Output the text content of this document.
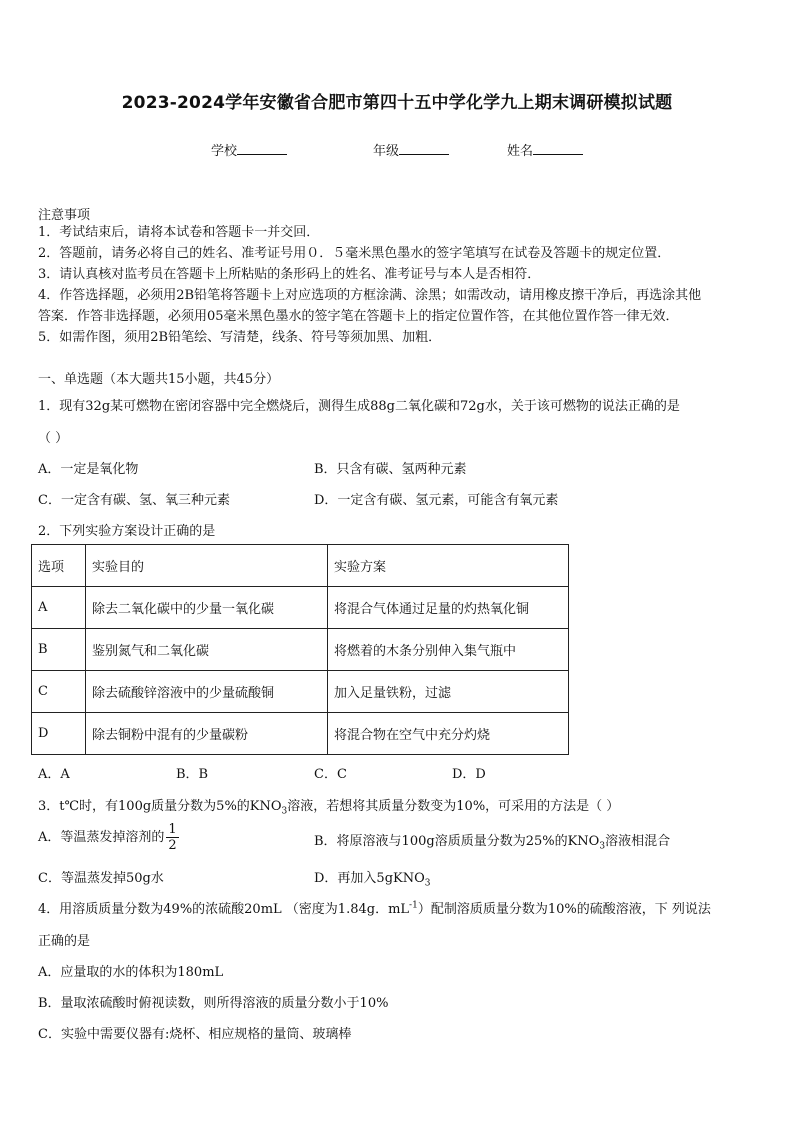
2023-2024学年安徽省合肥市第四十五中学化学九上期末调研模拟试题
学校	年级	姓名
注意事项
1．考试结束后，请将本试卷和答题卡一并交回．
2．答题前，请务必将自己的姓名、准考证号用０．５毫米黑色墨水的签字笔填写在试卷及答题卡的规定位置．
3．请认真核对监考员在答题卡上所粘贴的条形码上的姓名、准考证号与本人是否相符．
4．作答选择题，必须用2B铅笔将答题卡上对应选项的方框涂满、涂黑；如需改动，请用橡皮擦干净后，再选涂其他
答案．作答非选择题，必须用05毫米黑色墨水的签字笔在答题卡上的指定位置作答，在其他位置作答一律无效．
5．如需作图，须用2B铅笔绘、写清楚，线条、符号等须加黑、加粗．
一、单选题（本大题共15小题，共45分）
1．现有32g某可燃物在密闭容器中完全燃烧后，测得生成88g二氧化碳和72g水，关于该可燃物的说法正确的是
（ ）
A．一定是氧化物	B．只含有碳、氢两种元素
C．一定含有碳、氢、氧三种元素	D．一定含有碳、氢元素，可能含有氧元素
2．下列实验方案设计正确的是
选项	实验目的	实验方案
A	除去二氧化碳中的少量一氧化碳	将混合气体通过足量的灼热氧化铜
B	鉴别氮气和二氧化碳	将燃着的木条分别伸入集气瓶中
C	除去硫酸锌溶液中的少量硫酸铜	加入足量铁粉，过滤
D	除去铜粉中混有的少量碳粉	将混合物在空气中充分灼烧
A．A	B．B	C．C	D．D
3．t℃时，有100g质量分数为5%的$KNO_3$溶液，若想将其质量分数变为10%，可采用的方法是（ ）
A．等温蒸发掉溶剂的 $\frac{1}{2}$	B．将原溶液与100g溶质质量分数为25%的$KNO_3$溶液相混合
C．等温蒸发掉50g水	D．再加入5gKNO$_3$
4．用溶质质量分数为49%的浓硫酸20mL （密度为1.84g．$mL^{-1}$）配制溶质质量分数为10%的硫酸溶液，下 列说法
正确的是
A．应量取的水的体积为180mL
B．量取浓硫酸时俯视读数，则所得溶液的质量分数小于10%
C．实验中需要仪器有:烧杯、相应规格的量筒、玻璃棒
